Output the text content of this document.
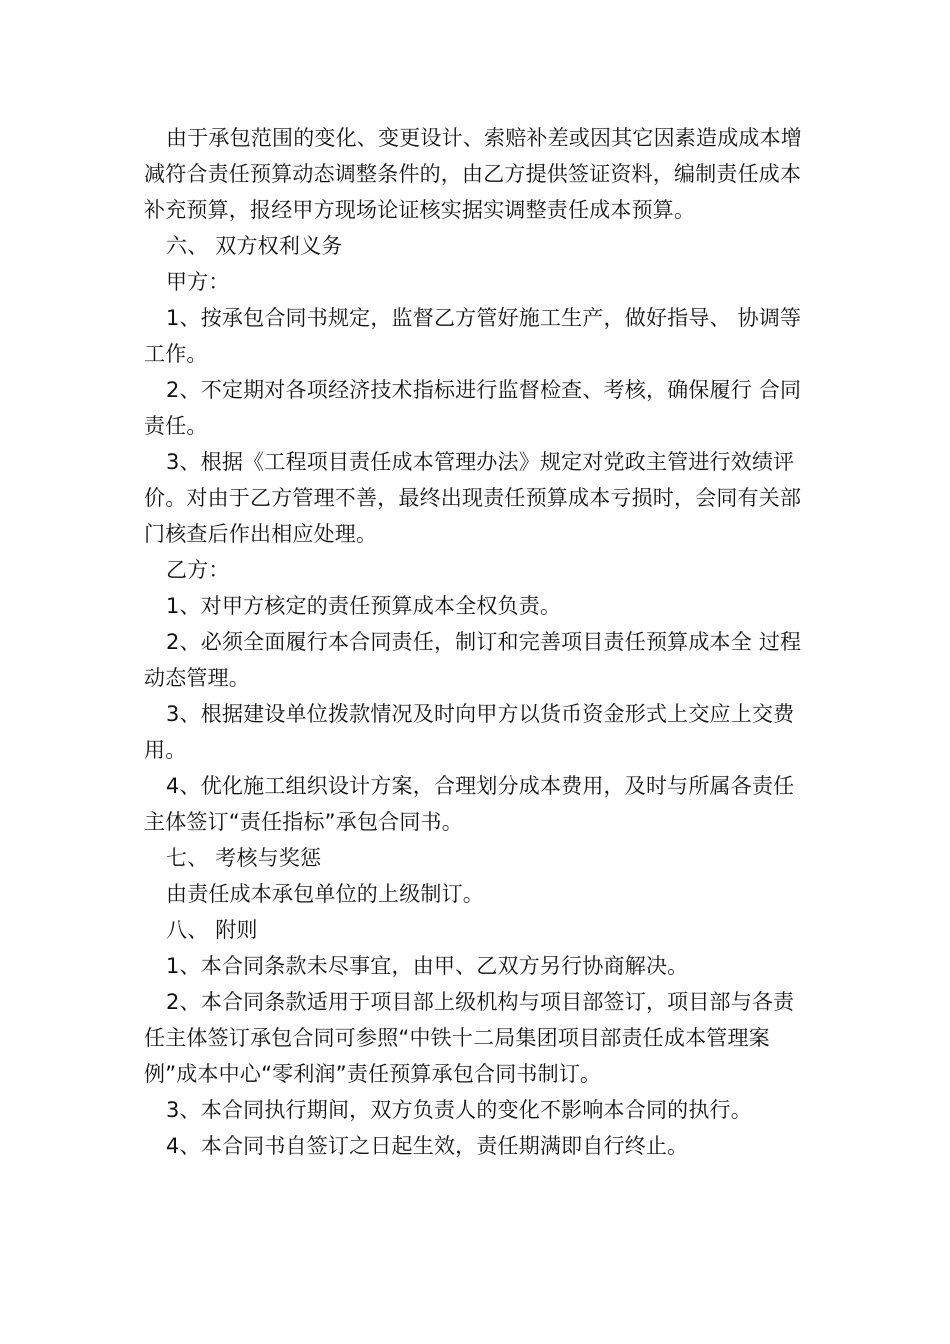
由于承包范围的变化、变更设计、索赔补差或因其它因素造成成本增减符合责任预算动态调整条件的，由乙方提供签证资料，编制责任成本补充预算，报经甲方现场论证核实据实调整责任成本预算。

六、 双方权利义务

甲方：

1、按承包合同书规定，监督乙方管好施工生产，做好指导、 协调等工作。

2、不定期对各项经济技术指标进行监督检查、考核，确保履行 合同责任。

3、根据《工程项目责任成本管理办法》规定对党政主管进行效绩评价。对由于乙方管理不善，最终出现责任预算成本亏损时，会同有关部门核查后作出相应处理。

乙方：

1、对甲方核定的责任预算成本全权负责。

2、必须全面履行本合同责任，制订和完善项目责任预算成本全 过程动态管理。

3、根据建设单位拨款情况及时向甲方以货币资金形式上交应上交费用。

4、优化施工组织设计方案，合理划分成本费用，及时与所属各责任主体签订“责任指标”承包合同书。

七、 考核与奖惩

由责任成本承包单位的上级制订。

八、 附则

1、本合同条款未尽事宜，由甲、乙双方另行协商解决。

2、本合同条款适用于项目部上级机构与项目部签订，项目部与各责任主体签订承包合同可参照“中铁十二局集团项目部责任成本管理案例”成本中心“零利润”责任预算承包合同书制订。

3、本合同执行期间，双方负责人的变化不影响本合同的执行。

4、本合同书自签订之日起生效，责任期满即自行终止。
